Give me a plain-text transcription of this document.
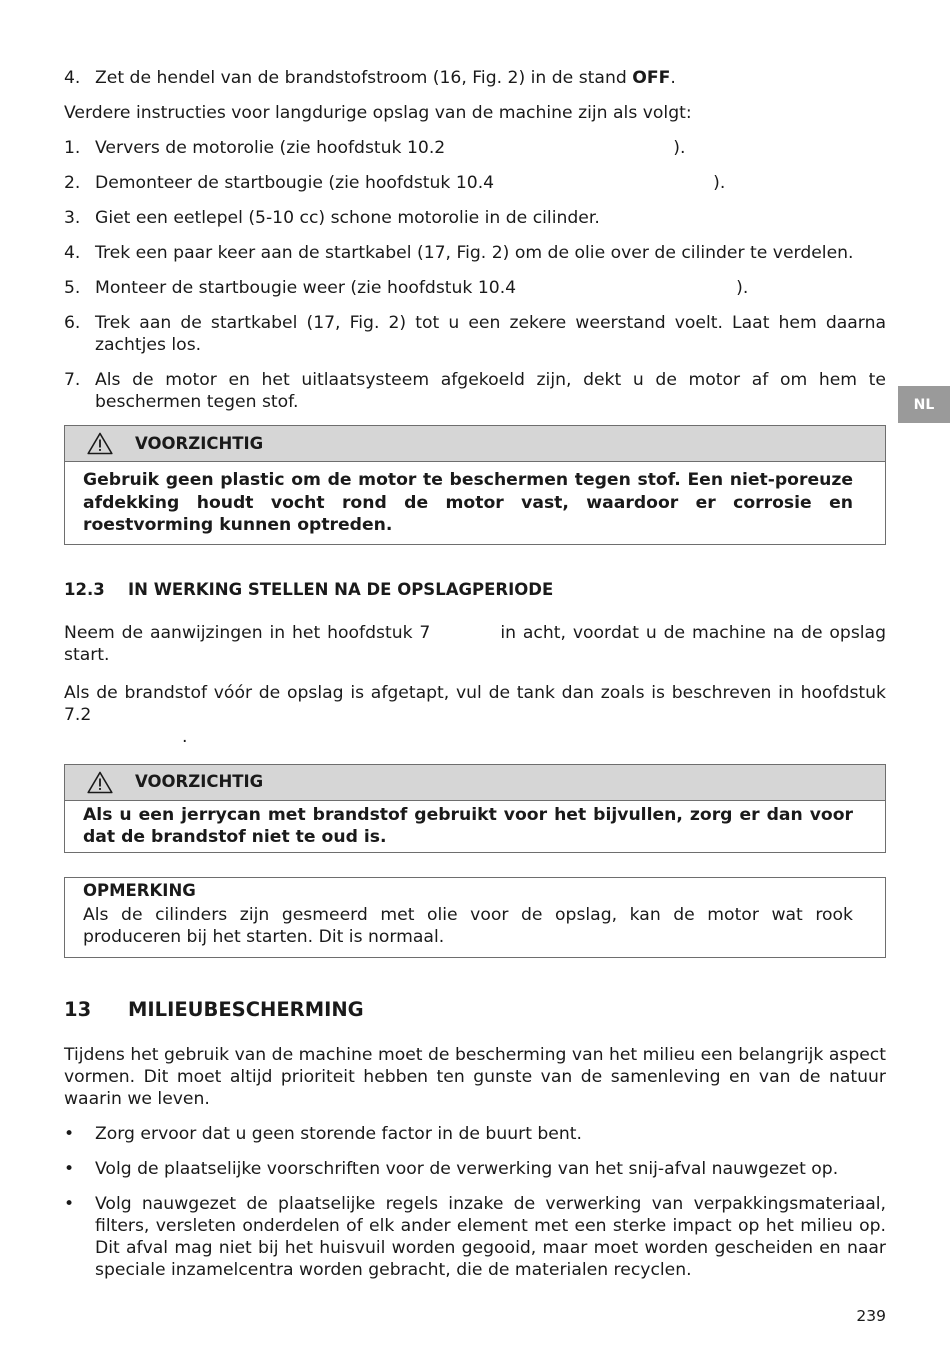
NL

4. Zet de hendel van de brandstofstroom (16, Fig. 2) in de stand OFF.

Verdere instructies voor langdurige opslag van de machine zijn als volgt:

1. Ververs de motorolie (zie hoofdstuk 10.2	).

2. Demonteer de startbougie (zie hoofdstuk 10.4	).

3. Giet een eetlepel (5-10 cc) schone motorolie in de cilinder.

4. Trek een paar keer aan de startkabel (17, Fig. 2) om de olie over de cilinder te verdelen.

5. Monteer de startbougie weer (zie hoofdstuk 10.4	).

6. Trek aan de startkabel (17, Fig. 2) tot u een zekere weerstand voelt. Laat hem daarna zachtjes los.

7. Als de motor en het uitlaatsysteem afgekoeld zijn, dekt u de motor af om hem te beschermen tegen stof.

VOORZICHTIG
Gebruik geen plastic om de motor te beschermen tegen stof. Een niet-poreuze afdekking houdt vocht rond de motor vast, waardoor er corrosie en roestvorming kunnen optreden.
12.3	IN WERKING STELLEN NA DE OPSLAGPERIODE

Neem de aanwijzingen in het hoofdstuk 7	in acht, voordat u de machine na de opslag start.

Als de brandstof vóór de opslag is afgetapt, vul de tank dan zoals is beschreven in hoofdstuk 7.2
.

VOORZICHTIG
Als u een jerrycan met brandstof gebruikt voor het bijvullen, zorg er dan voor dat de brandstof niet te oud is.
OPMERKING
Als de cilinders zijn gesmeerd met olie voor de opslag, kan de motor wat rook produceren bij het starten. Dit is normaal.
13	MILIEUBESCHERMING

Tijdens het gebruik van de machine moet de bescherming van het milieu een belangrijk aspect vormen. Dit moet altijd prioriteit hebben ten gunste van de samenleving en van de natuur waarin we leven.

• Zorg ervoor dat u geen storende factor in de buurt bent.

• Volg de plaatselijke voorschriften voor de verwerking van het snij-afval nauwgezet op.

• Volg nauwgezet de plaatselijke regels inzake de verwerking van verpakkingsmateriaal, filters, versleten onderdelen of elk ander element met een sterke impact op het milieu op. Dit afval mag niet bij het huisvuil worden gegooid, maar moet worden gescheiden en naar speciale inzamelcentra worden gebracht, die de materialen recyclen.

239
